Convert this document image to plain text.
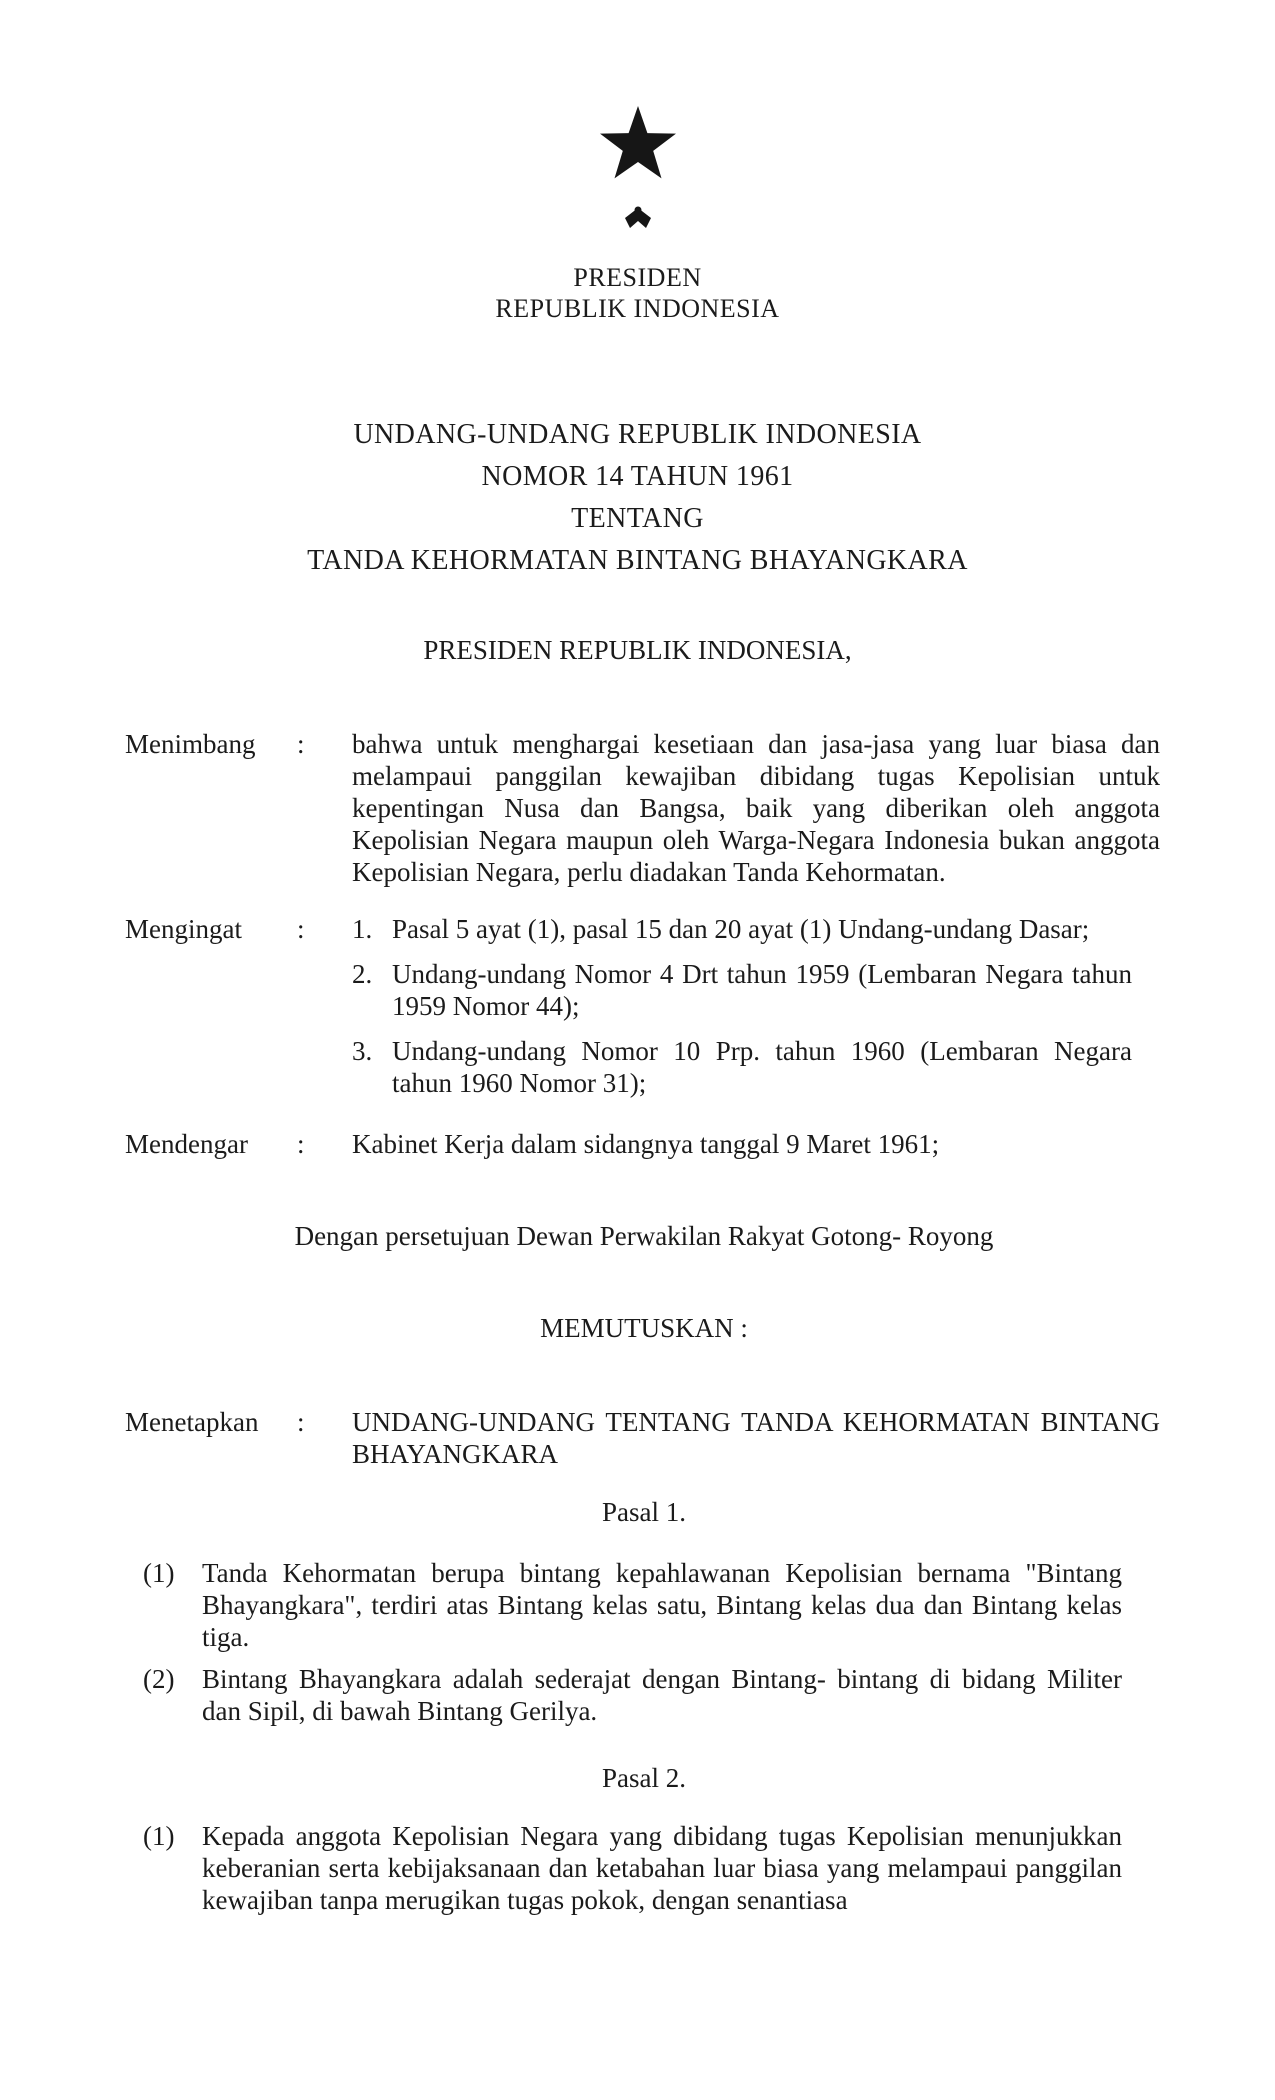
PRESIDEN
REPUBLIK INDONESIA
UNDANG-UNDANG REPUBLIK INDONESIA
NOMOR 14 TAHUN 1961
TENTANG
TANDA KEHORMATAN BINTANG BHAYANGKARA
PRESIDEN REPUBLIK INDONESIA,
Menimbang	:	bahwa untuk menghargai kesetiaan dan jasa-jasa yang luar biasa dan melampaui panggilan kewajiban dibidang tugas Kepolisian untuk kepentingan Nusa dan Bangsa, baik yang diberikan oleh anggota Kepolisian Negara maupun oleh Warga-Negara Indonesia bukan anggota Kepolisian Negara, perlu diadakan Tanda Kehormatan.
Mengingat	:	1. Pasal 5 ayat (1), pasal 15 dan 20 ayat (1) Undang-undang Dasar;
2. Undang-undang Nomor 4 Drt tahun 1959 (Lembaran Negara tahun 1959 Nomor 44);
3. Undang-undang Nomor 10 Prp. tahun 1960 (Lembaran Negara tahun 1960 Nomor 31);
Mendengar	:	Kabinet Kerja dalam sidangnya tanggal 9 Maret 1961;
Dengan persetujuan Dewan Perwakilan Rakyat Gotong- Royong
MEMUTUSKAN :
Menetapkan	:	UNDANG-UNDANG TENTANG TANDA KEHORMATAN BINTANG BHAYANGKARA
Pasal 1.
(1)	Tanda Kehormatan berupa bintang kepahlawanan Kepolisian bernama "Bintang Bhayangkara", terdiri atas Bintang kelas satu, Bintang kelas dua dan Bintang kelas tiga.
(2)	Bintang Bhayangkara adalah sederajat dengan Bintang- bintang di bidang Militer dan Sipil, di bawah Bintang Gerilya.
Pasal 2.
(1)	Kepada anggota Kepolisian Negara yang dibidang tugas Kepolisian menunjukkan keberanian serta kebijaksanaan dan ketabahan luar biasa yang melampaui panggilan kewajiban tanpa merugikan tugas pokok, dengan senantiasa
